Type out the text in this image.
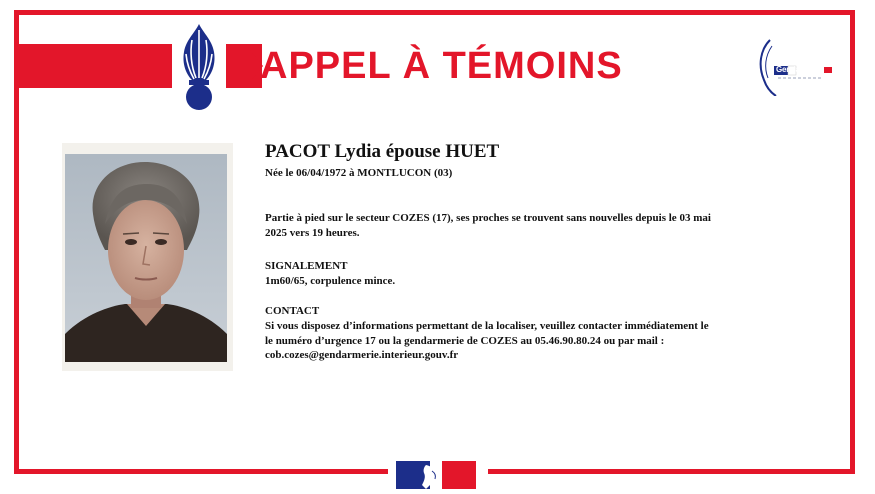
APPEL À TÉMOINS	Gendarmerie
PACOT Lydia épouse HUET

Née le 06/04/1972 à MONTLUCON (03)

Partie à pied sur le secteur COZES (17), ses proches se trouvent sans nouvelles depuis le 03 mai

2025 vers 19 heures.

SIGNALEMENT

1m60/65, corpulence mince.

CONTACT

Si vous disposez d’informations permettant de la localiser, veuillez contacter immédiatement le

le numéro d’urgence 17 ou la gendarmerie de COZES au 05.46.90.80.24 ou par mail :

cob.cozes@gendarmerie.interieur.gouv.fr
